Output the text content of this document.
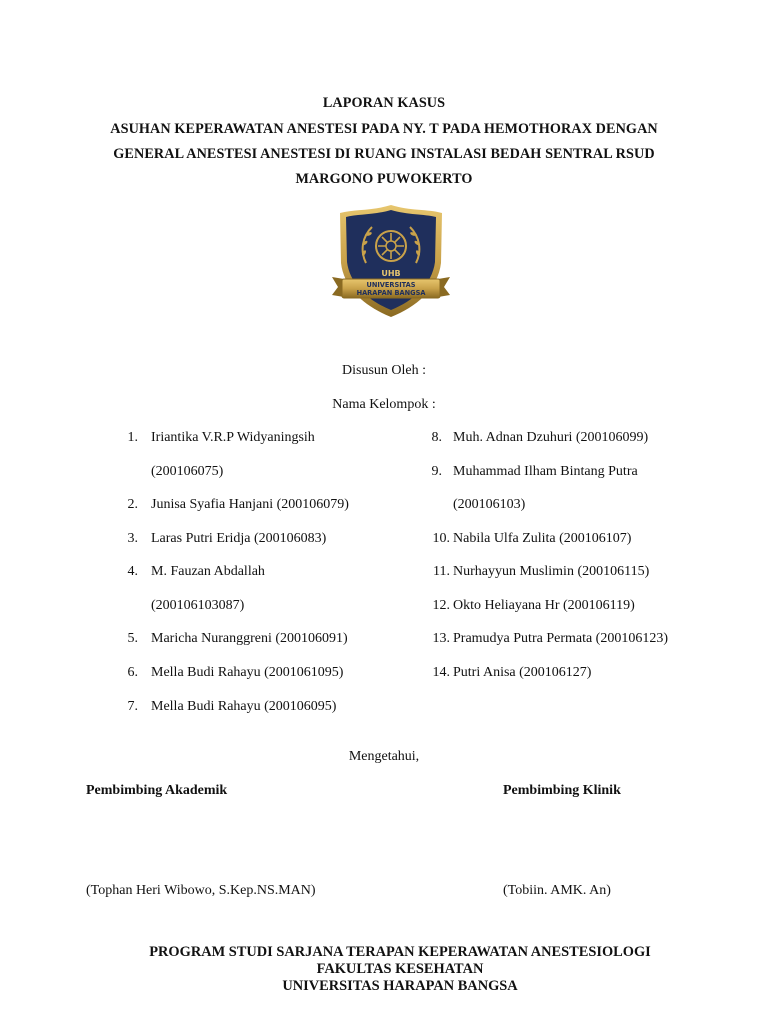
LAPORAN KASUS
ASUHAN KEPERAWATAN ANESTESI PADA NY. T PADA HEMOTHORAX DENGAN
GENERAL ANESTESI ANESTESI DI RUANG INSTALASI BEDAH SENTRAL RSUD
MARGONO PUWOKERTO
UHB
UNIVERSITAS
HARAPAN BANGSA
Disusun Oleh :
Nama Kelompok :
1. Iriantika V.R.P Widyaningsih
(200106075)
2. Junisa Syafia Hanjani (200106079)
3. Laras Putri Eridja (200106083)
4. M. Fauzan Abdallah
(200106103087)
5. Maricha Nuranggreni (200106091)
6. Mella Budi Rahayu (2001061095)
7. Mella Budi Rahayu (200106095)
8. Muh. Adnan Dzuhuri (200106099)
9. Muhammad Ilham Bintang Putra
(200106103)
10. Nabila Ulfa Zulita (200106107)
11. Nurhayyun Muslimin (200106115)
12. Okto Heliayana Hr (200106119)
13. Pramudya Putra Permata (200106123)
14. Putri Anisa (200106127)
Mengetahui,
Pembimbing Akademik	Pembimbing Klinik
(Tophan Heri Wibowo, S.Kep.NS.MAN)	(Tobiin. AMK. An)
PROGRAM STUDI SARJANA TERAPAN KEPERAWATAN ANESTESIOLOGI
FAKULTAS KESEHATAN
UNIVERSITAS HARAPAN BANGSA
